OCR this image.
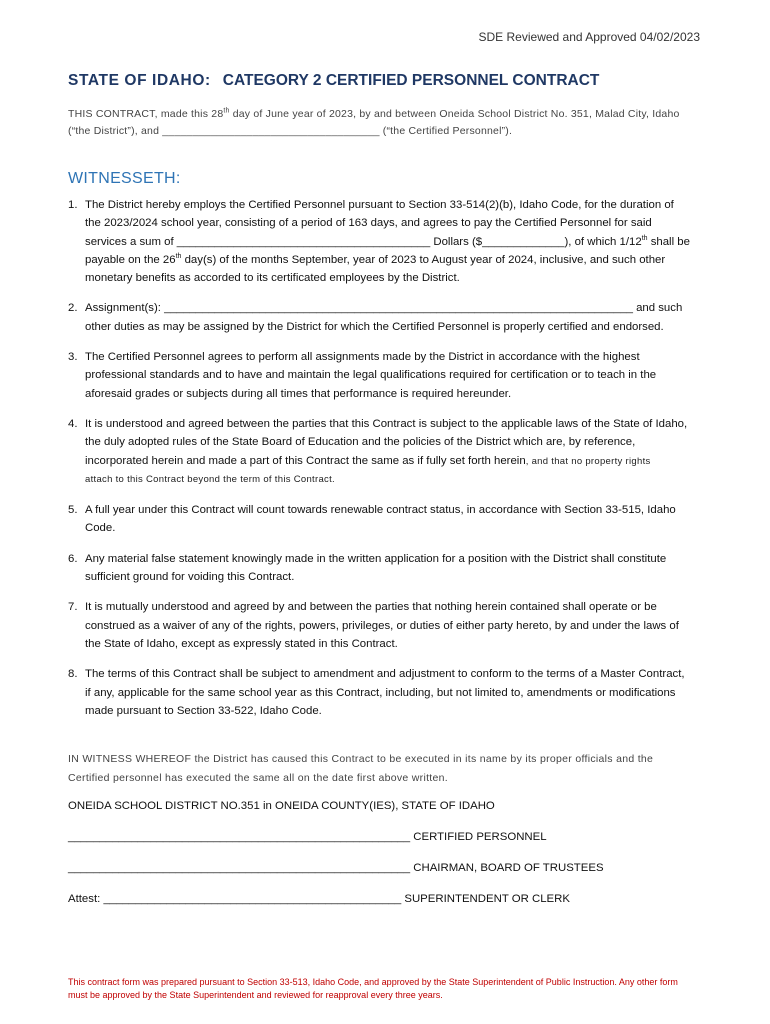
SDE Reviewed and Approved 04/02/2023
STATE OF IDAHO: CATEGORY 2 CERTIFIED PERSONNEL CONTRACT
THIS CONTRACT, made this 28th day of June year of 2023, by and between Oneida School District No. 351, Malad City, Idaho
(“the District”), and ____________________________________ (“the Certified Personnel”).
WITNESSETH:
1. The District hereby employs the Certified Personnel pursuant to Section 33-514(2)(b), Idaho Code, for the duration of
the 2023/2024 school year, consisting of a period of 163 days, and agrees to pay the Certified Personnel for said
services a sum of ________________________________________ Dollars ($_____________), of which 1/12th shall be
payable on the 26th day(s) of the months September, year of 2023 to August year of 2024, inclusive, and such other
monetary benefits as accorded to its certificated employees by the District.
2. Assignment(s): __________________________________________________________________________ and such
other duties as may be assigned by the District for which the Certified Personnel is properly certified and endorsed.
3. The Certified Personnel agrees to perform all assignments made by the District in accordance with the highest
professional standards and to have and maintain the legal qualifications required for certification or to teach in the
aforesaid grades or subjects during all times that performance is required hereunder.
4. It is understood and agreed between the parties that this Contract is subject to the applicable laws of the State of Idaho,
the duly adopted rules of the State Board of Education and the policies of the District which are, by reference,
incorporated herein and made a part of this Contract the same as if fully set forth herein, and that no property rights
attach to this Contract beyond the term of this Contract.
5. A full year under this Contract will count towards renewable contract status, in accordance with Section 33-515, Idaho
Code.
6. Any material false statement knowingly made in the written application for a position with the District shall constitute
sufficient ground for voiding this Contract.
7. It is mutually understood and agreed by and between the parties that nothing herein contained shall operate or be
construed as a waiver of any of the rights, powers, privileges, or duties of either party hereto, by and under the laws of
the State of Idaho, except as expressly stated in this Contract.
8. The terms of this Contract shall be subject to amendment and adjustment to conform to the terms of a Master Contract,
if any, applicable for the same school year as this Contract, including, but not limited to, amendments or modifications
made pursuant to Section 33-522, Idaho Code.
IN WITNESS WHEREOF the District has caused this Contract to be executed in its name by its proper officials and the
Certified personnel has executed the same all on the date first above written.
ONEIDA SCHOOL DISTRICT NO.351 in ONEIDA COUNTY(IES), STATE OF IDAHO
______________________________________________________ CERTIFIED PERSONNEL
______________________________________________________ CHAIRMAN, BOARD OF TRUSTEES
Attest: _______________________________________________ SUPERINTENDENT OR CLERK
This contract form was prepared pursuant to Section 33-513, Idaho Code, and approved by the State Superintendent of Public Instruction. Any other form
must be approved by the State Superintendent and reviewed for reapproval every three years.
